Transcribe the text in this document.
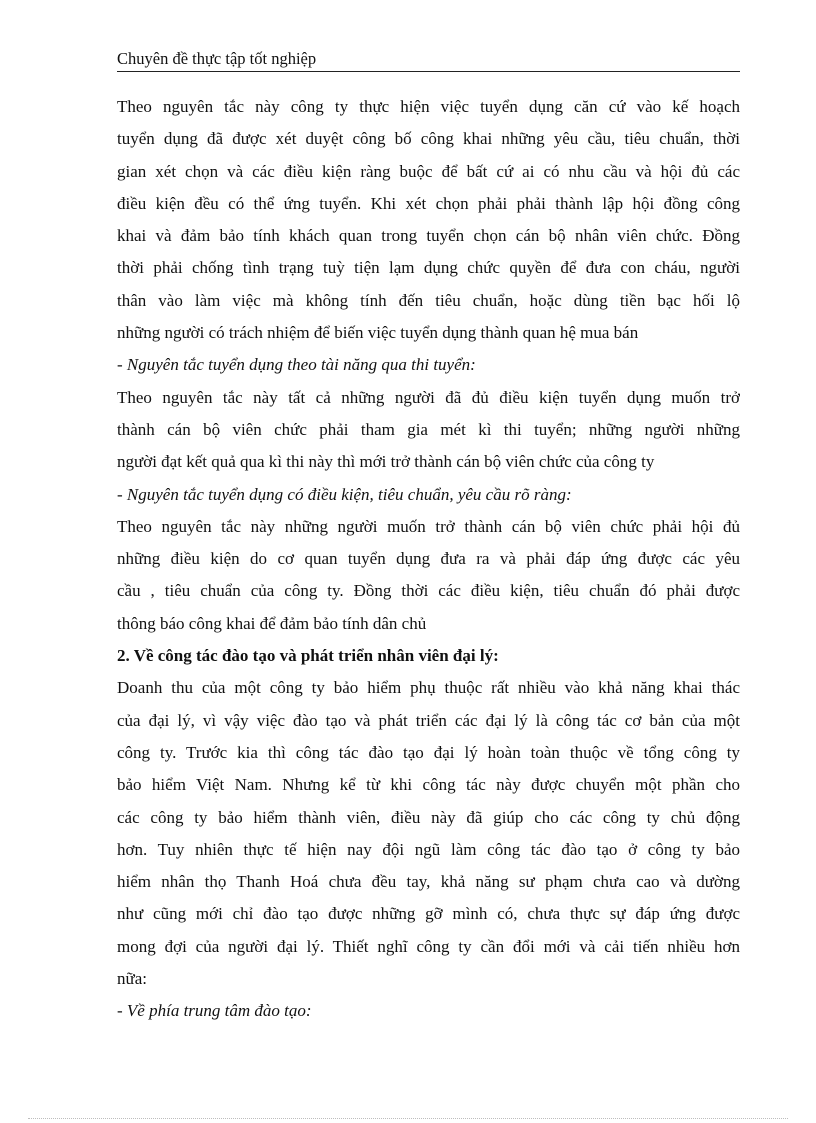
Chuyên đề thực tập tốt nghiệp
Theo nguyên tắc này công ty thực hiện việc tuyển dụng căn cứ vào kế hoạch
tuyển dụng đã được xét duyệt công bố công khai những yêu cầu, tiêu chuẩn, thời
gian xét chọn và các điều kiện ràng buộc để bất cứ ai có nhu cầu và hội đủ các
điều kiện đều có thể ứng tuyển. Khi xét chọn phải phải thành lập hội đồng công
khai và đảm bảo tính khách quan trong tuyển chọn cán bộ nhân viên chức. Đồng
thời phải chống tình trạng tuỳ tiện lạm dụng chức quyền để đưa con cháu, người
thân vào làm việc mà không tính đến tiêu chuẩn, hoặc dùng tiền bạc hối lộ
những người có trách nhiệm để biến việc tuyển dụng thành quan hệ mua bán
- Nguyên tắc tuyển dụng theo tài năng qua thi tuyển:
Theo nguyên tắc này tất cả những người đã đủ điều kiện tuyển dụng muốn trở
thành cán bộ viên chức phải tham gia mét kì thi tuyển; những người những
người đạt kết quả qua kì thi này thì mới trở thành cán bộ viên chức của công ty
- Nguyên tắc tuyển dụng có điều kiện, tiêu chuẩn, yêu cầu rõ ràng:
Theo nguyên tắc này những người muốn trở thành cán bộ viên chức phải hội đủ
những điều kiện do cơ quan tuyển dụng đưa ra và phải đáp ứng được các yêu
cầu , tiêu chuẩn của công ty. Đồng thời các điều kiện, tiêu chuẩn đó phải được
thông báo công khai để đảm bảo tính dân chủ
2. Về công tác đào tạo và phát triển nhân viên đại lý:
Doanh thu của một công ty bảo hiểm phụ thuộc rất nhiều vào khả năng khai thác
của đại lý, vì vậy việc đào tạo và phát triển các đại lý là công tác cơ bản của một
công ty. Trước kia thì công tác đào tạo đại lý hoàn toàn thuộc về tổng công ty
bảo hiểm Việt Nam. Nhưng kể từ khi công tác này được chuyển một phần cho
các công ty bảo hiểm thành viên, điều này đã giúp cho các công ty chủ động
hơn. Tuy nhiên thực tế hiện nay đội ngũ làm công tác đào tạo ở công ty bảo
hiểm nhân thọ Thanh Hoá chưa đều tay, khả năng sư phạm chưa cao và dường
như cũng mới chỉ đào tạo được những gỡ mình có, chưa thực sự đáp ứng được
mong đợi của người đại lý. Thiết nghĩ công ty cần đổi mới và cải tiến nhiều hơn
nữa:
- Về phía trung tâm đào tạo:
